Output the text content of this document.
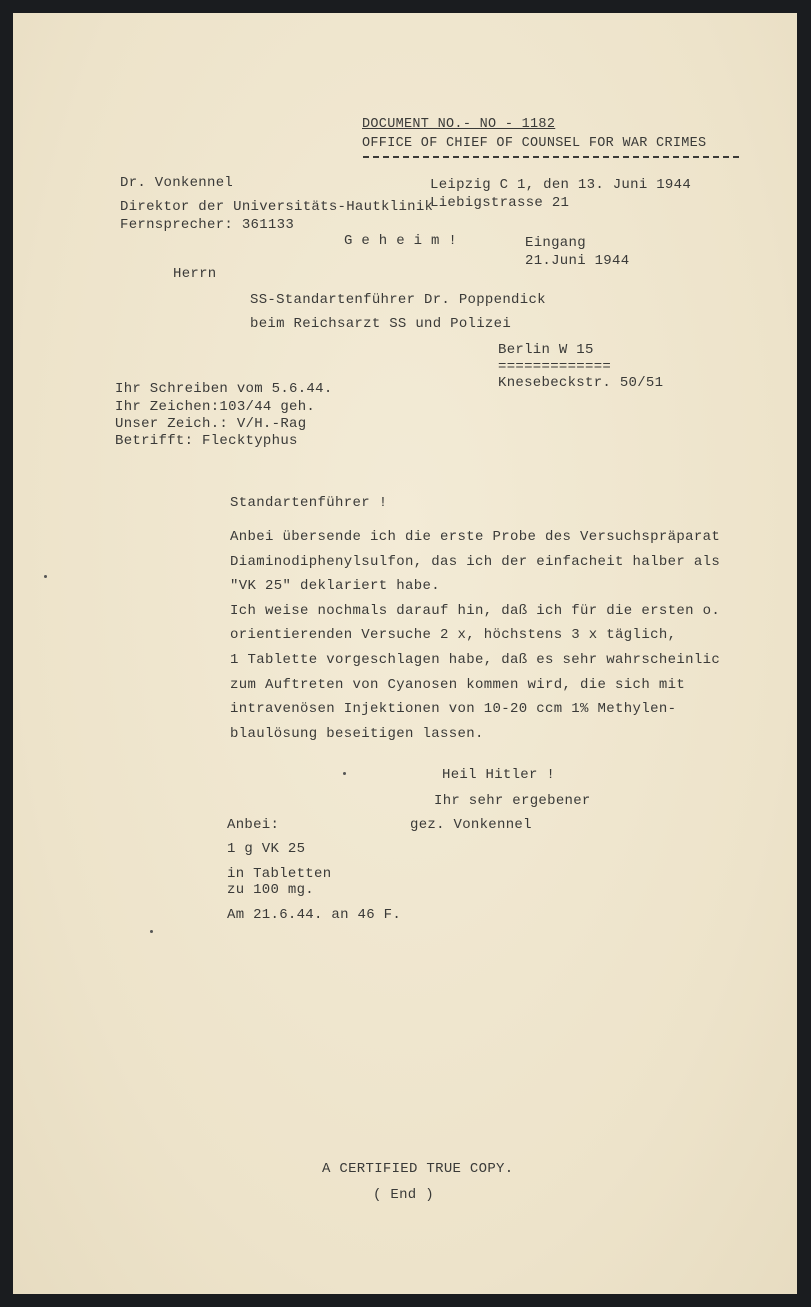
DOCUMENT NO.- NO - 1182
OFFICE OF CHIEF OF COUNSEL FOR WAR CRIMES
Dr. Vonkennel
Direktor der Universitäts-Hautklinik
Fernsprecher: 361133
Leipzig C 1, den 13. Juni 1944
Liebigstrasse 21
G e h e i m !	Eingang
21.Juni 1944
Herrn
SS-Standartenführer Dr. Poppendick
beim Reichsarzt SS und Polizei
Berlin W 15
=============
Knesebeckstr. 50/51
Ihr Schreiben vom 5.6.44.
Ihr Zeichen:103/44 geh.
Unser Zeich.: V/H.-Rag
Betrifft: Flecktyphus
Standartenführer !
Anbei übersende ich die erste Probe des Versuchspräparat
Diaminodiphenylsulfon, das ich der einfacheit halber als
"VK 25" deklariert habe.
Ich weise nochmals darauf hin, daß ich für die ersten o.
orientierenden Versuche 2 x, höchstens 3 x täglich,
1 Tablette vorgeschlagen habe, daß es sehr wahrscheinlic
zum Auftreten von Cyanosen kommen wird, die sich mit
intravenösen Injektionen von 10-20 ccm 1% Methylen-
blaulösung beseitigen lassen.
Heil Hitler !
Ihr sehr ergebener
gez. Vonkennel
Anbei:
1 g VK 25
in Tabletten
zu 100 mg.
Am 21.6.44. an 46 F.
A CERTIFIED TRUE COPY.
( End )
